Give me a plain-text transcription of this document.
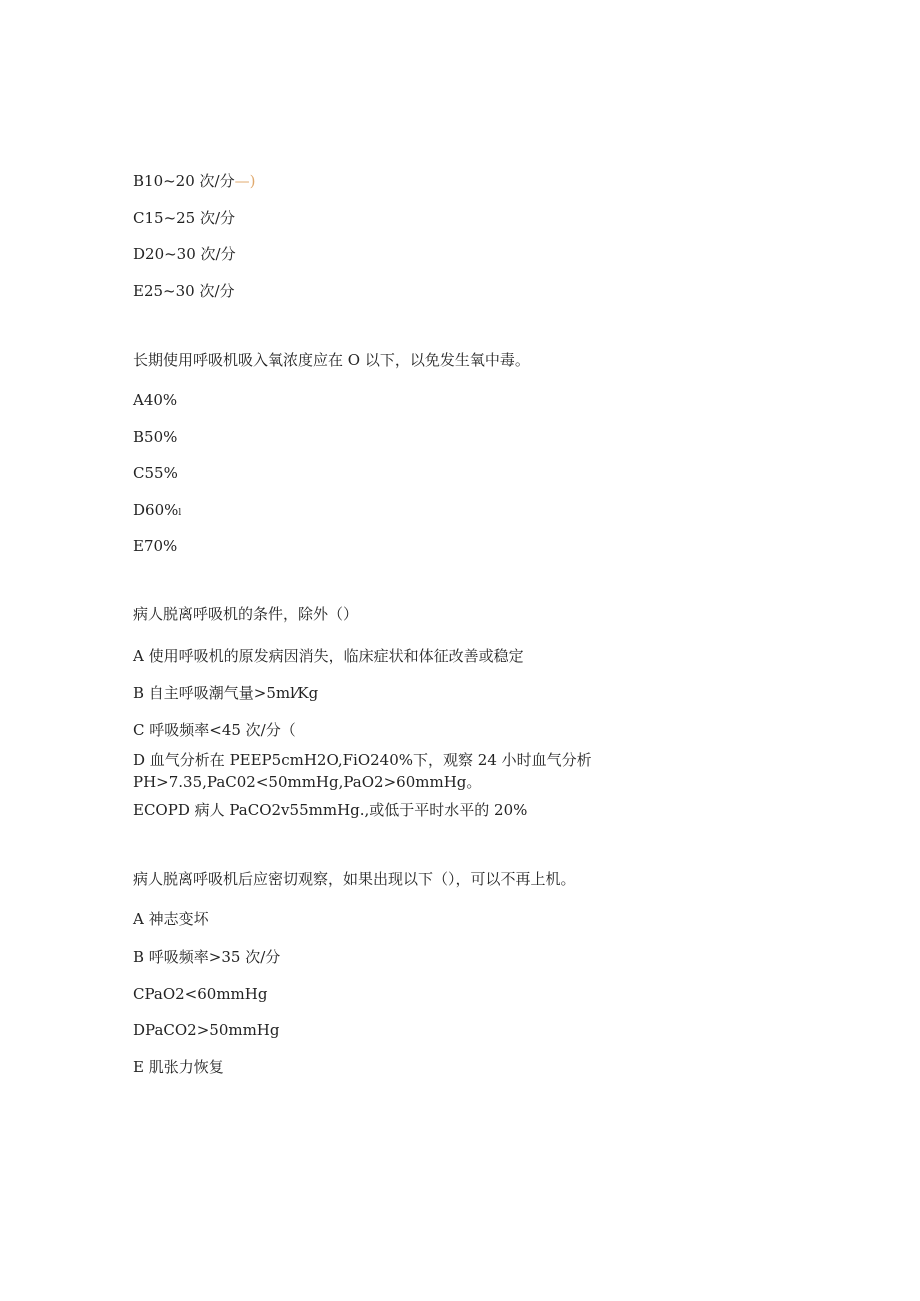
B10~20 次/分—)
C15~25 次/分
D20~30 次/分
E25~30 次/分
长期使用呼吸机吸入氧浓度应在 O 以下，以免发生氧中毒。
A40%
B50%
C55%
D60%l
E70%
病人脱离呼吸机的条件，除外（）
A 使用呼吸机的原发病因消失，临床症状和体征改善或稳定
B 自主呼吸潮气量>5ml⁄Kg
C 呼吸频率<45 次/分（
D 血气分析在 PEEP5cmH2O,FiO240%下，观察 24 小时血气分析
PH>7.35,PaC02<50mmHg,PaO2>60mmHg。
ECOPD 病人 PaCO2v55mmHg.,或低于平时水平的 20%
病人脱离呼吸机后应密切观察，如果出现以下（），可以不再上机。
A 神志变坏
B 呼吸频率>35 次/分
CPaO2<60mmHg
DPaCO2>50mmHg
E 肌张力恢复
